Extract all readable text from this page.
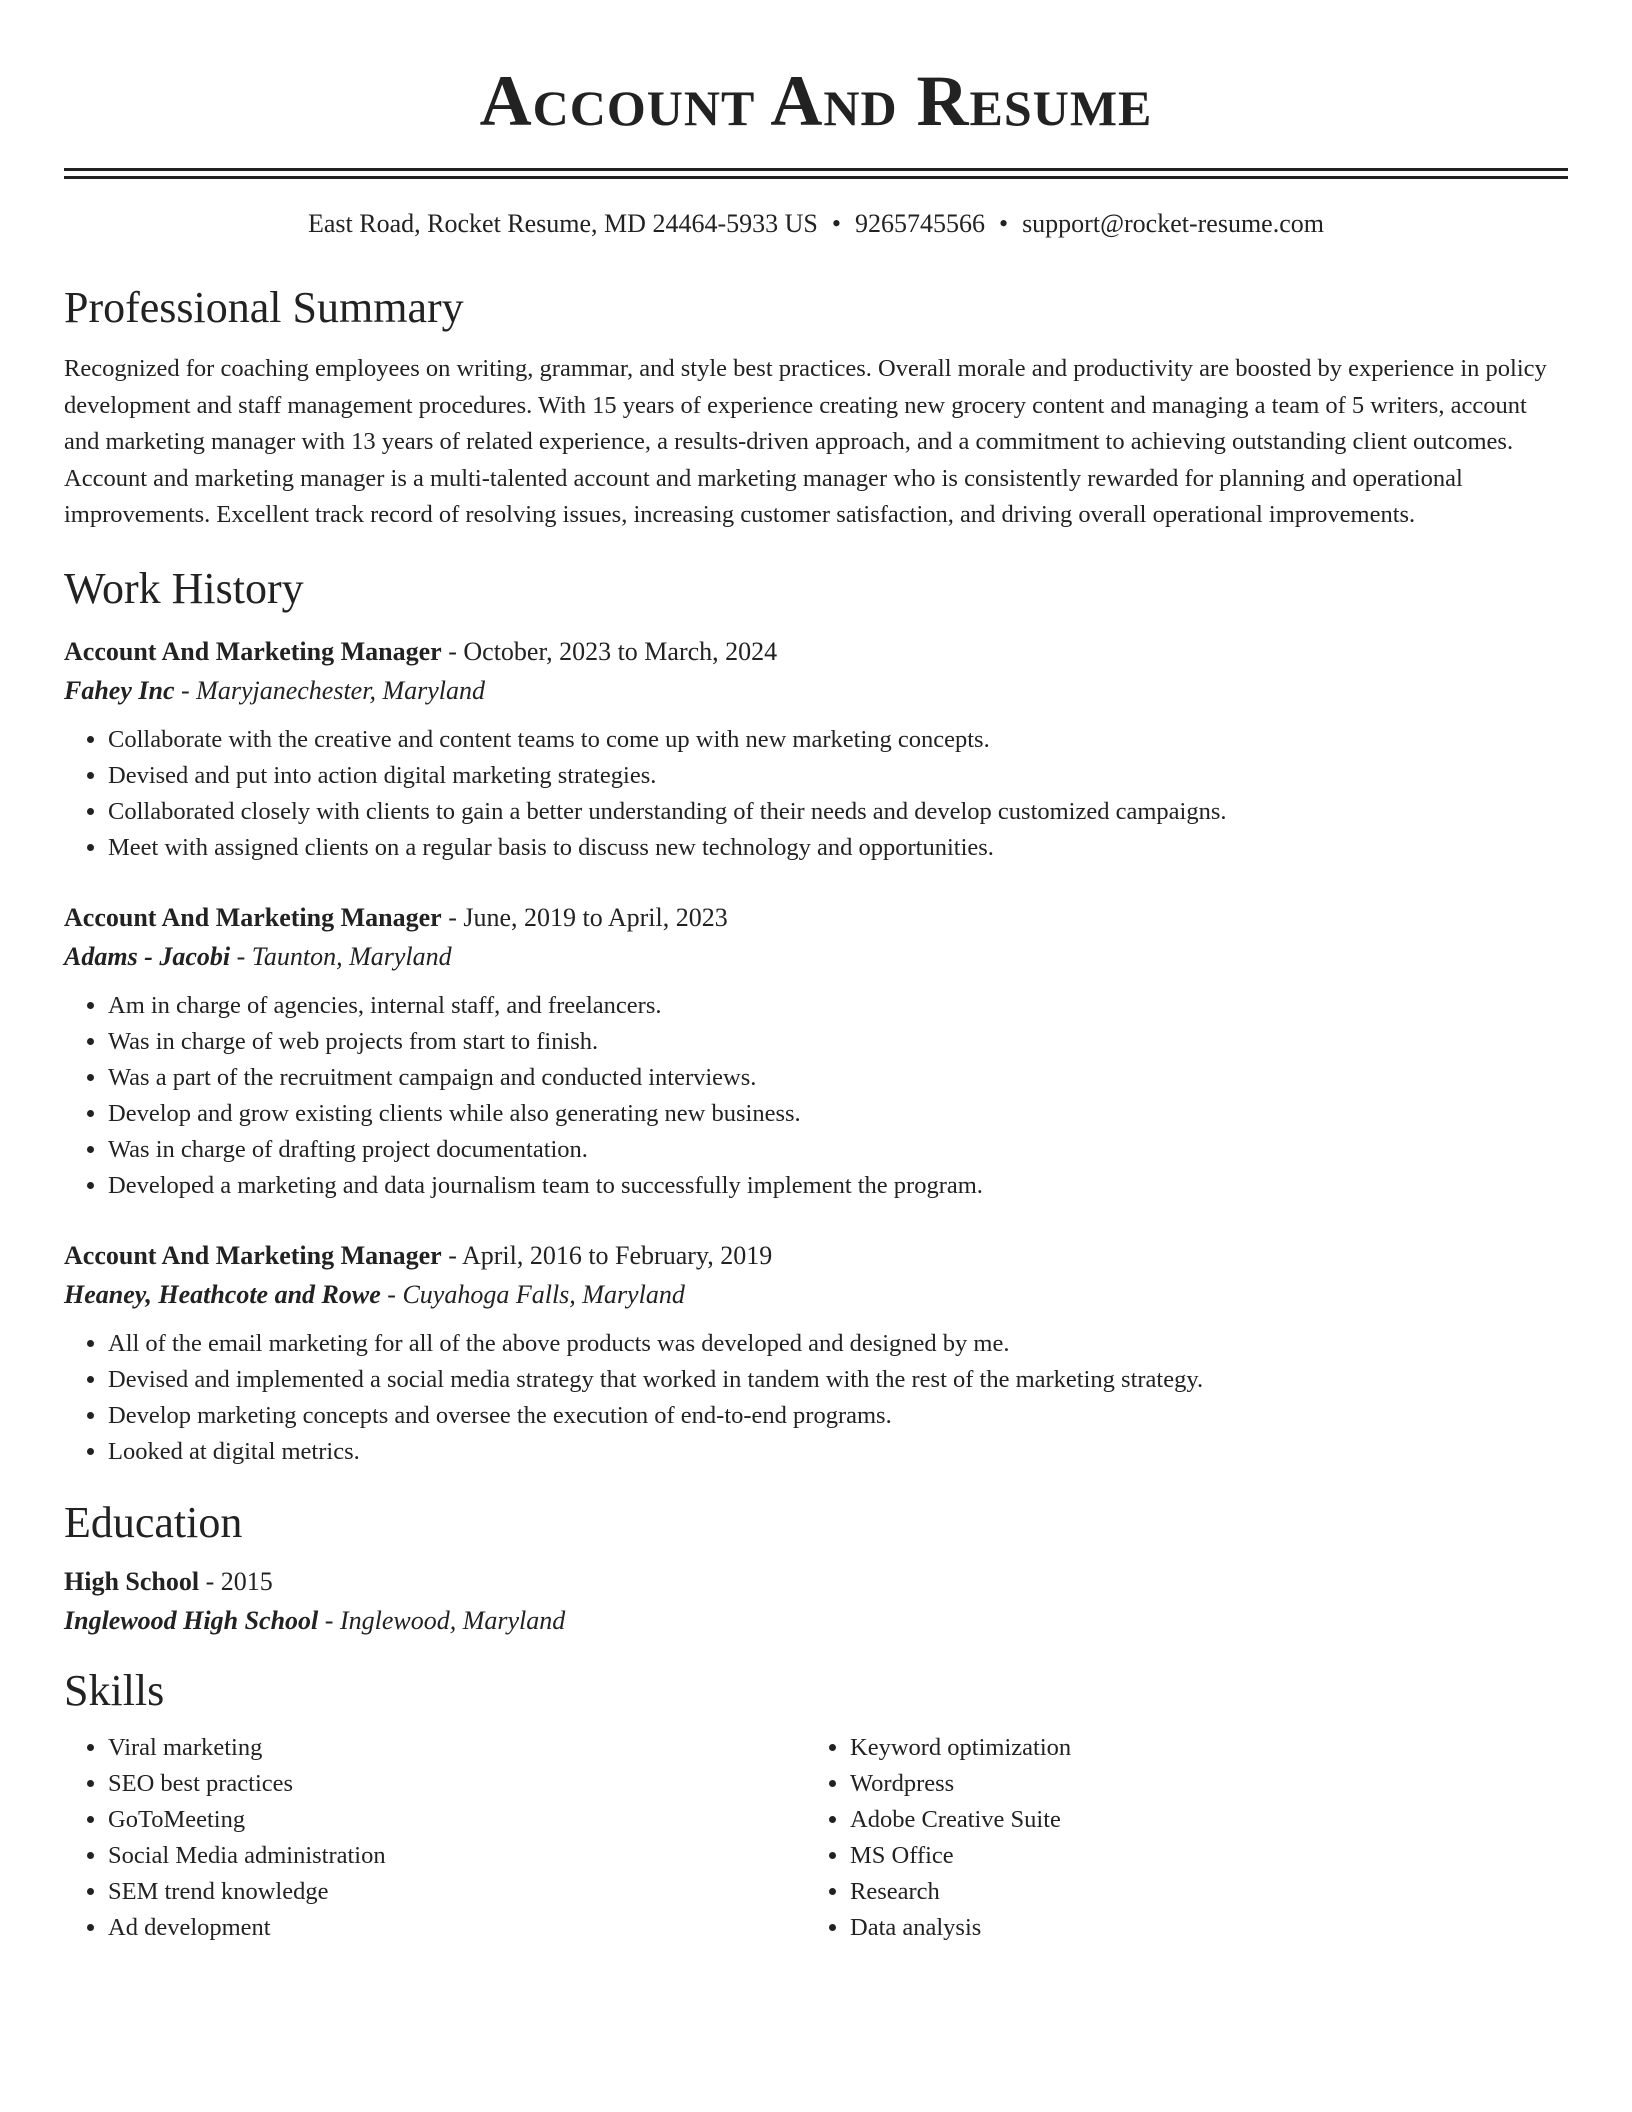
Account And Resume
East Road, Rocket Resume, MD 24464-5933 US • 9265745566 • support@rocket-resume.com
Professional Summary

Recognized for coaching employees on writing, grammar, and style best practices. Overall morale and productivity are boosted by experience in policy development and staff management procedures. With 15 years of experience creating new grocery content and managing a team of 5 writers, account and marketing manager with 13 years of related experience, a results-driven approach, and a commitment to achieving outstanding client outcomes. Account and marketing manager is a multi-talented account and marketing manager who is consistently rewarded for planning and operational improvements. Excellent track record of resolving issues, increasing customer satisfaction, and driving overall operational improvements.

Work History
Account And Marketing Manager - October, 2023 to March, 2024
Fahey Inc - Maryjanechester, Maryland
• Collaborate with the creative and content teams to come up with new marketing concepts.
• Devised and put into action digital marketing strategies.
• Collaborated closely with clients to gain a better understanding of their needs and develop customized campaigns.
• Meet with assigned clients on a regular basis to discuss new technology and opportunities.
Account And Marketing Manager - June, 2019 to April, 2023
Adams - Jacobi - Taunton, Maryland
• Am in charge of agencies, internal staff, and freelancers.
• Was in charge of web projects from start to finish.
• Was a part of the recruitment campaign and conducted interviews.
• Develop and grow existing clients while also generating new business.
• Was in charge of drafting project documentation.
• Developed a marketing and data journalism team to successfully implement the program.
Account And Marketing Manager - April, 2016 to February, 2019
Heaney, Heathcote and Rowe - Cuyahoga Falls, Maryland
• All of the email marketing for all of the above products was developed and designed by me.
• Devised and implemented a social media strategy that worked in tandem with the rest of the marketing strategy.
• Develop marketing concepts and oversee the execution of end-to-end programs.
• Looked at digital metrics.
Education
High School - 2015
Inglewood High School - Inglewood, Maryland
Skills
• Viral marketing
• SEO best practices
• GoToMeeting
• Social Media administration
• SEM trend knowledge
• Ad development
• Keyword optimization
• Wordpress
• Adobe Creative Suite
• MS Office
• Research
• Data analysis
